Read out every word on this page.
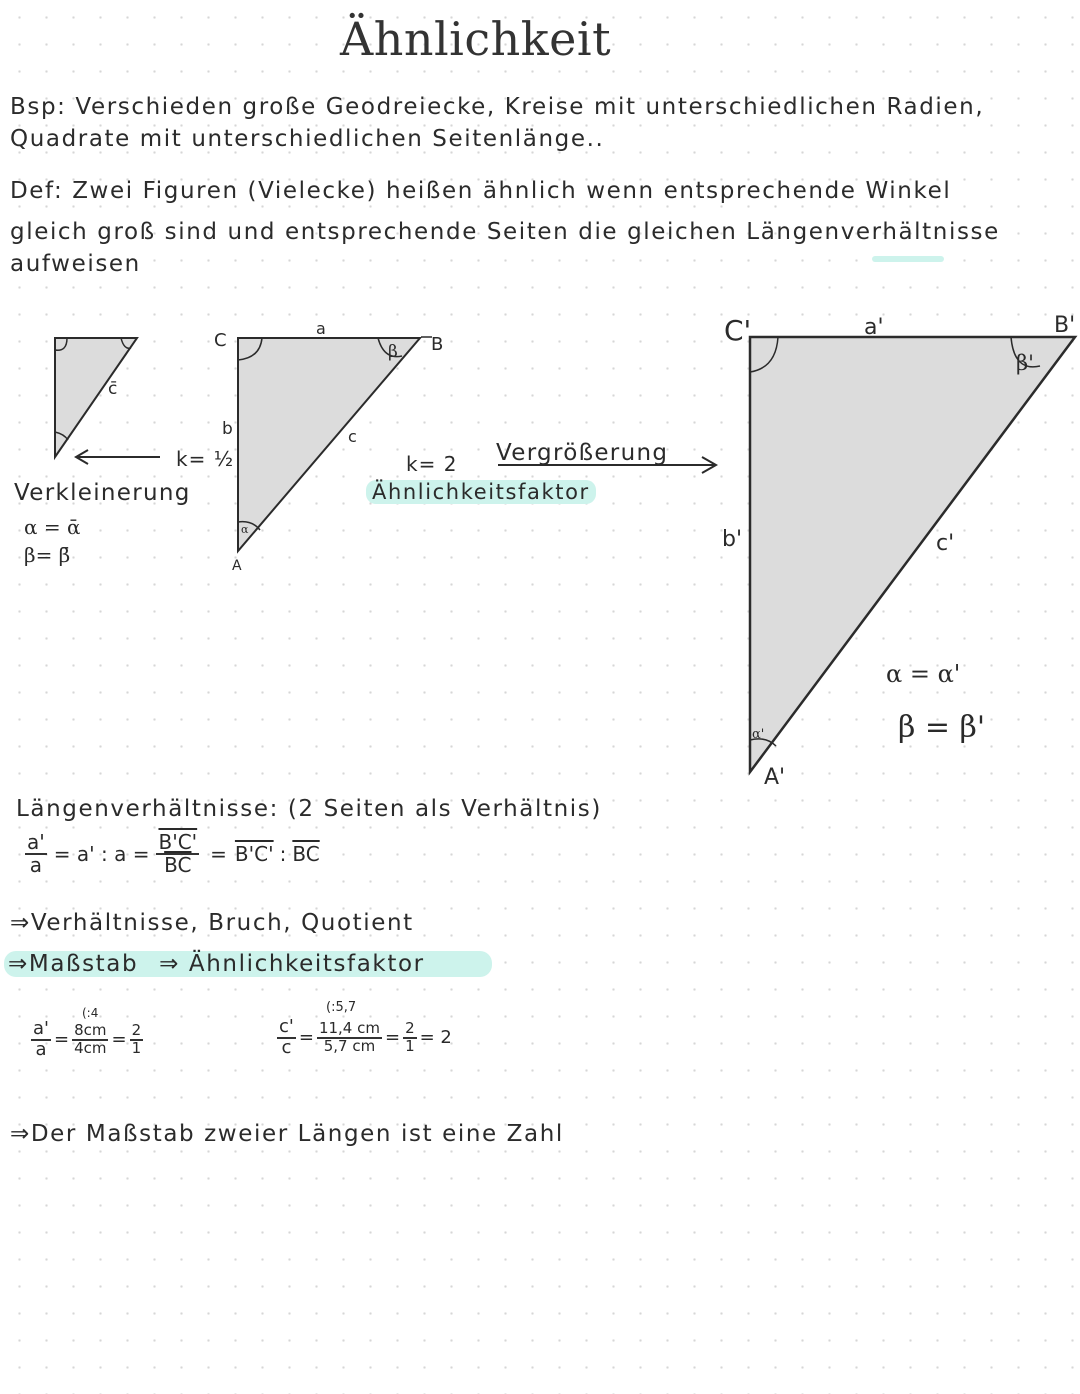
Ähnlichkeit
Bsp: Verschieden große Geodreiecke, Kreise mit unterschiedlichen Radien,
Quadrate mit unterschiedlichen Seitenlänge..
Def: Zwei Figuren (Vielecke) heißen ähnlich wenn entsprechende Winkel
gleich groß sind und entsprechende Seiten die gleichen Längenverhältnisse
aufweisen
c̄
C	B
A
a
b	c
β
α
C'	B'
A'
a'
b'	c'
β'
α'
k= ½
Verkleinerung
α = ᾱ
β= β̄
k= 2 Vergrößerung
Ähnlichkeitsfaktor
α = α'
β = β'
Längenverhältnisse: (2 Seiten als Verhältnis)
$\frac{a'}{a} = a'$ : $a = \frac{B'C'}{BC} = B'C'$ : $\overline{BC}$
⇒Verhältnisse, Bruch, Quotient
⇒Maßstab ⇒ Ähnlichkeitsfaktor
(:4
$\frac{a'}{a} = \frac{8cm}{4cm} = \frac{2}{1}$
(:5,7
$\frac{c'}{c} = \frac{11,4 cm}{5,7 cm} = \frac{2}{1} = 2$
⇒Der Maßstab zweier Längen ist eine Zahl
